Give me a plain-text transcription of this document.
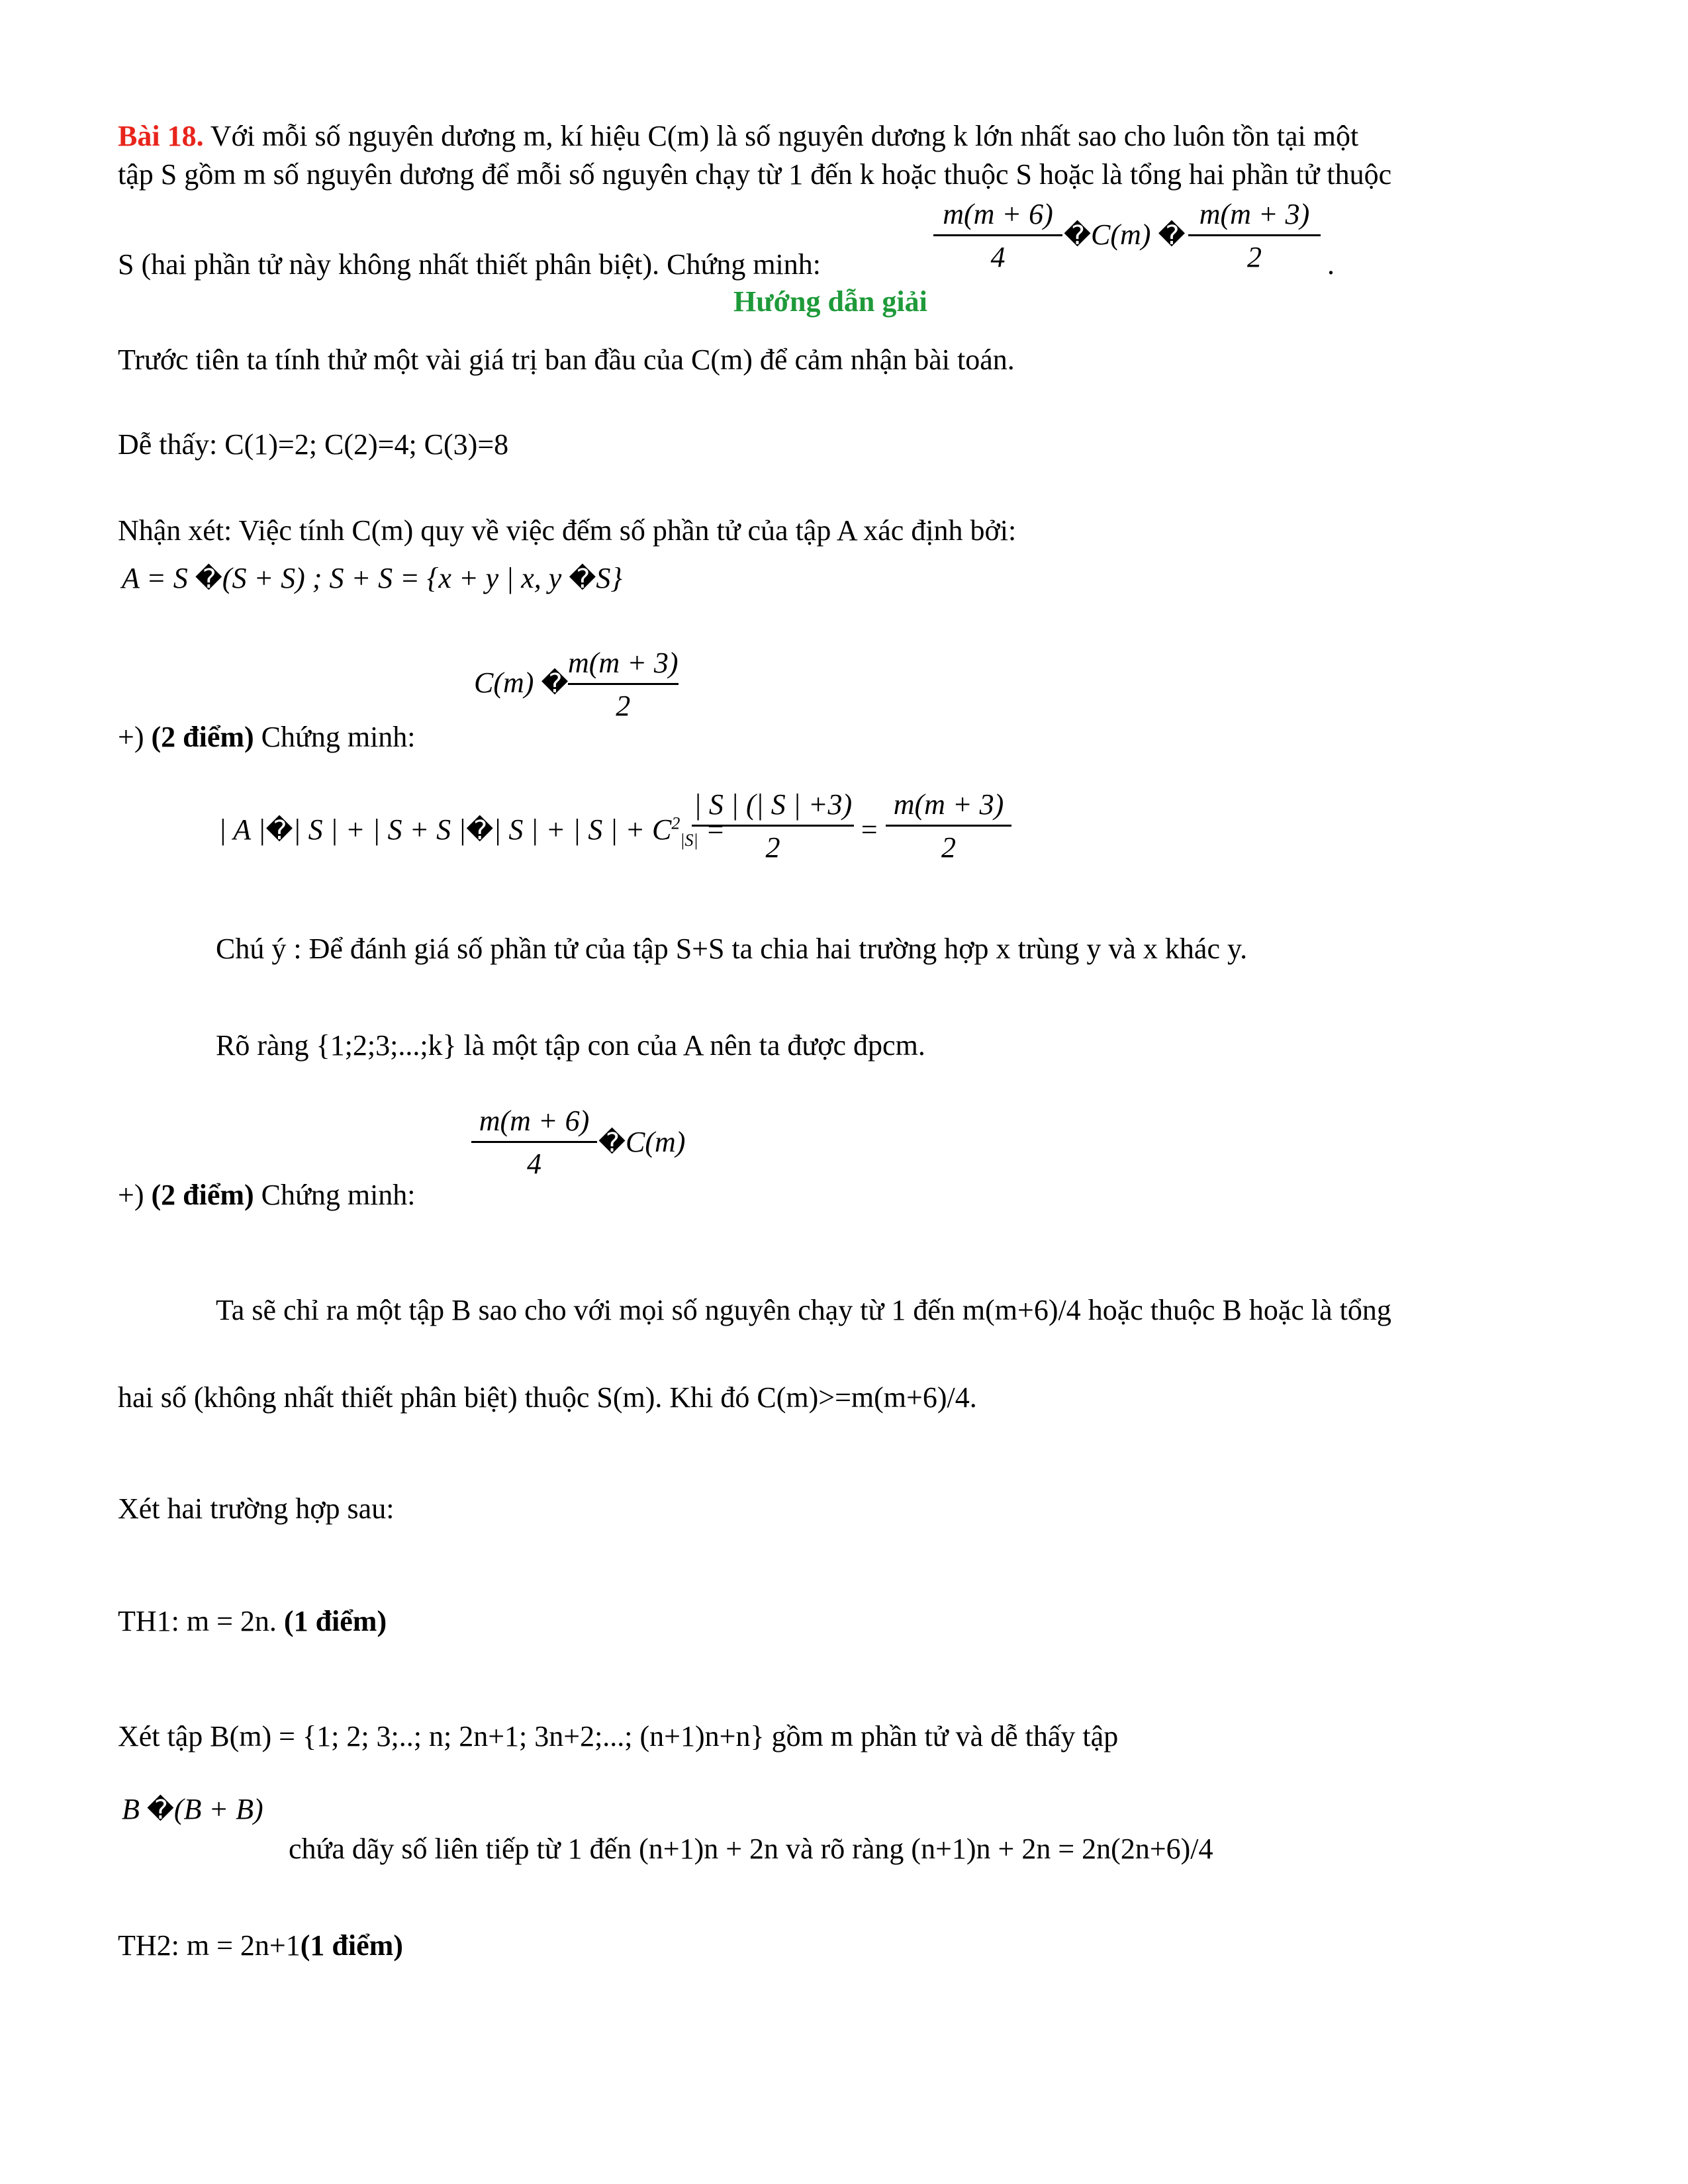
Bài 18. Với mỗi số nguyên dương m, kí hiệu C(m) là số nguyên dương k lớn nhất sao cho luôn tồn tại một
tập S gồm m số nguyên dương để mỗi số nguyên chạy từ 1 đến k hoặc thuộc S hoặc là tổng hai phần tử thuộc
m(m + 6)
4
�C(m) �
m(m + 3)
2
S (hai phần tử này không nhất thiết phân biệt). Chứng minh:	.
Hướng dẫn giải
Trước tiên ta tính thử một vài giá trị ban đầu của C(m) để cảm nhận bài toán.
Dễ thấy: C(1)=2; C(2)=4; C(3)=8
Nhận xét: Việc tính C(m) quy về việc đếm số phần tử của tập A xác định bởi:
A = S �(S + S) ; S + S = {x + y | x, y �S}
C(m) �
m(m + 3)
2
+) (2 điểm) Chứng minh:
| A |�| S | + | S + S |�| S | + | S | + $C^2_{|S|}$ =
| S | (| S | +3)
2
=
m(m + 3)
2
Chú ý : Để đánh giá số phần tử của tập S+S ta chia hai trường hợp x trùng y và x khác y.
Rõ ràng {1;2;3;...;k} là một tập con của A nên ta được đpcm.
m(m + 6)
4
�C(m)
+) (2 điểm) Chứng minh:
Ta sẽ chỉ ra một tập B sao cho với mọi số nguyên chạy từ 1 đến m(m+6)/4 hoặc thuộc B hoặc là tổng
hai số (không nhất thiết phân biệt) thuộc S(m). Khi đó C(m)>=m(m+6)/4.
Xét hai trường hợp sau:
TH1: m = 2n. (1 điểm)
Xét tập B(m) = {1; 2; 3;..; n; 2n+1; 3n+2;...; (n+1)n+n} gồm m phần tử và dễ thấy tập
B �(B + B)
chứa dãy số liên tiếp từ 1 đến (n+1)n + 2n và rõ ràng (n+1)n + 2n = 2n(2n+6)/4
TH2: m = 2n+1(1 điểm)
